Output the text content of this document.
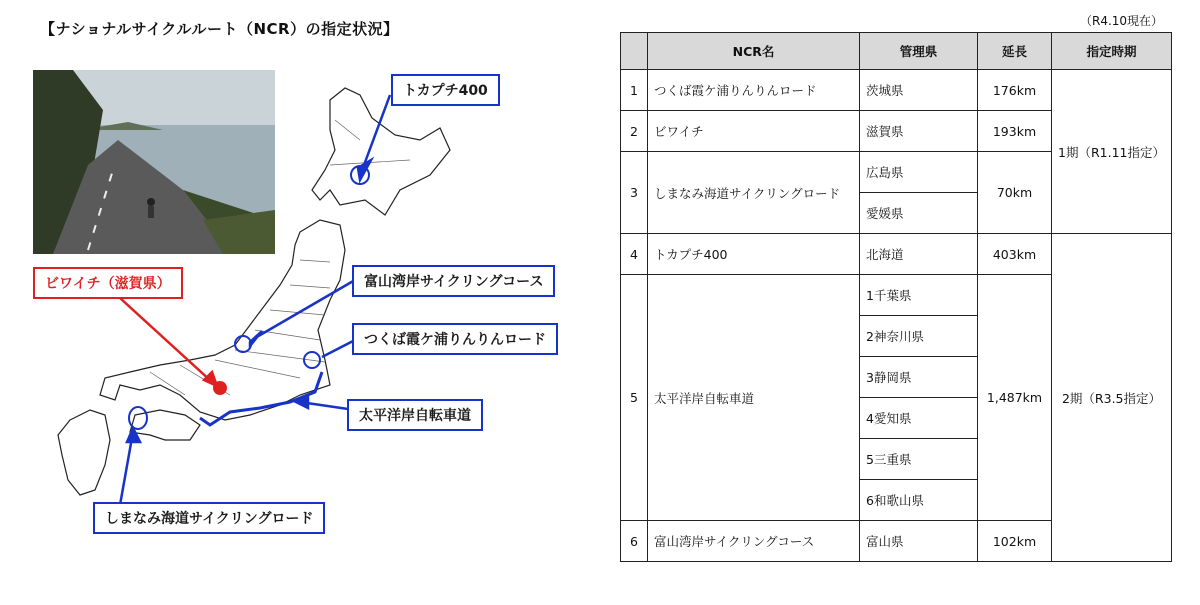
【ナショナルサイクルルート（NCR）の指定状況】
トカプチ400
富山湾岸サイクリングコース
つくば霞ケ浦りんりんロード
太平洋岸自転車道
しまなみ海道サイクリングロード
ビワイチ（滋賀県）
（R4.10現在）
	NCR名	管理県	延長	指定時期
1	つくば霞ケ浦りんりんロード	茨城県	176km	1期（R1.11指定）
2	ビワイチ	滋賀県	193km	
3	しまなみ海道サイクリングロード	広島県	70km	
		愛媛県		
4	トカプチ400	北海道	403km	2期（R3.5指定）
5	太平洋岸自転車道	1千葉県	1,487km	
		2神奈川県		
		3静岡県		
		4愛知県		
		5三重県		
		6和歌山県		
6	富山湾岸サイクリングコース	富山県	102km	
